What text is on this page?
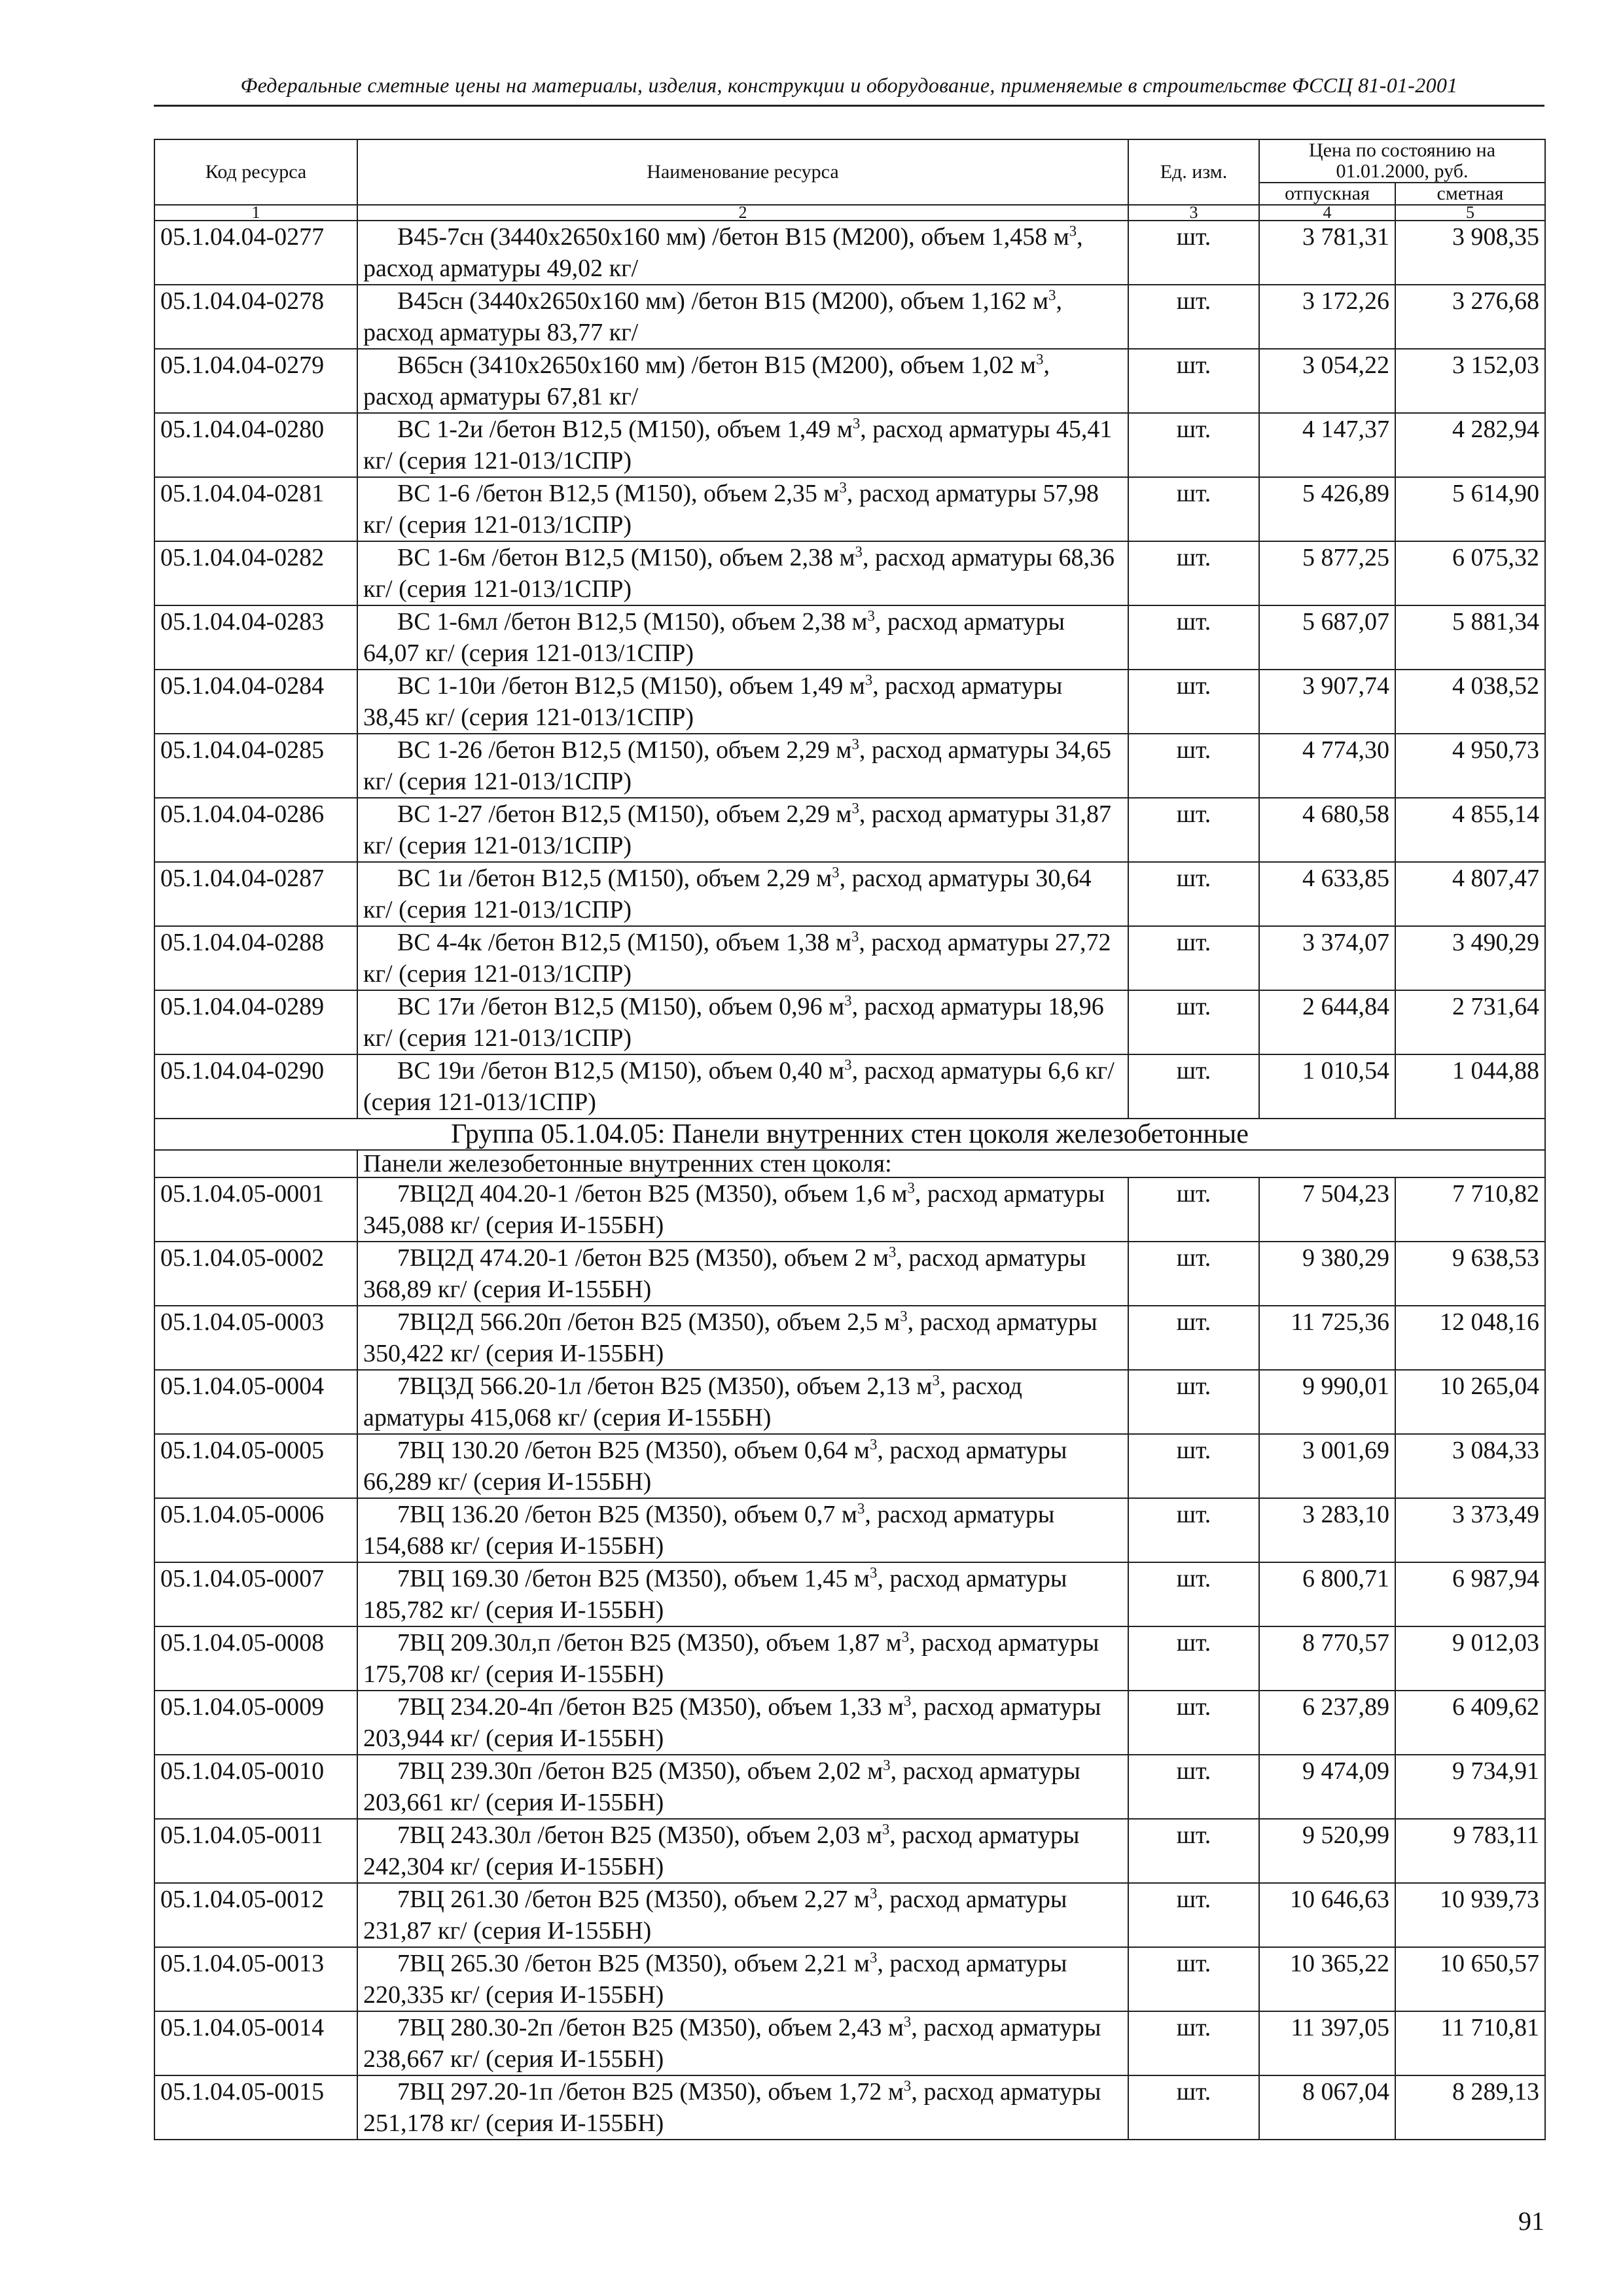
Федеральные сметные цены на материалы, изделия, конструкции и оборудование, применяемые в строительстве ФССЦ 81-01-2001
Код ресурса	Наименование ресурса	Ед. изм.	Цена по состоянию на 01.01.2000, руб.	
			отпускная	сметная
1	2	3	4	5
05.1.04.04-0277	В45-7сн (3440х2650х160 мм) /бетон В15 (М200), объем 1,458 $м^3$, расход арматуры 49,02 кг/	шт.	3 781,31	3 908,35
05.1.04.04-0278	В45сн (3440х2650х160 мм) /бетон В15 (М200), объем 1,162 $м^3$, расход арматуры 83,77 кг/	шт.	3 172,26	3 276,68
05.1.04.04-0279	В65сн (3410х2650х160 мм) /бетон В15 (М200), объем 1,02 $м^3$, расход арматуры 67,81 кг/	шт.	3 054,22	3 152,03
05.1.04.04-0280	ВС 1-2и /бетон В12,5 (М150), объем 1,49 $м^3$, расход арматуры 45,41 кг/ (серия 121-013/1СПР)	шт.	4 147,37	4 282,94
05.1.04.04-0281	ВС 1-6 /бетон В12,5 (М150), объем 2,35 $м^3$, расход арматуры 57,98 кг/ (серия 121-013/1СПР)	шт.	5 426,89	5 614,90
05.1.04.04-0282	ВС 1-6м /бетон В12,5 (М150), объем 2,38 $м^3$, расход арматуры 68,36 кг/ (серия 121-013/1СПР)	шт.	5 877,25	6 075,32
05.1.04.04-0283	ВС 1-6мл /бетон В12,5 (М150), объем 2,38 $м^3$, расход арматуры 64,07 кг/ (серия 121-013/1СПР)	шт.	5 687,07	5 881,34
05.1.04.04-0284	ВС 1-10и /бетон В12,5 (М150), объем 1,49 $м^3$, расход арматуры 38,45 кг/ (серия 121-013/1СПР)	шт.	3 907,74	4 038,52
05.1.04.04-0285	ВС 1-26 /бетон В12,5 (М150), объем 2,29 $м^3$, расход арматуры 34,65 кг/ (серия 121-013/1СПР)	шт.	4 774,30	4 950,73
05.1.04.04-0286	ВС 1-27 /бетон В12,5 (М150), объем 2,29 $м^3$, расход арматуры 31,87 кг/ (серия 121-013/1СПР)	шт.	4 680,58	4 855,14
05.1.04.04-0287	ВС 1и /бетон В12,5 (М150), объем 2,29 $м^3$, расход арматуры 30,64 кг/ (серия 121-013/1СПР)	шт.	4 633,85	4 807,47
05.1.04.04-0288	ВС 4-4к /бетон В12,5 (М150), объем 1,38 $м^3$, расход арматуры 27,72 кг/ (серия 121-013/1СПР)	шт.	3 374,07	3 490,29
05.1.04.04-0289	ВС 17и /бетон В12,5 (М150), объем 0,96 $м^3$, расход арматуры 18,96 кг/ (серия 121-013/1СПР)	шт.	2 644,84	2 731,64
05.1.04.04-0290	ВС 19и /бетон В12,5 (М150), объем 0,40 $м^3$, расход арматуры 6,6 кг/ (серия 121-013/1СПР)	шт.	1 010,54	1 044,88
Группа 05.1.04.05: Панели внутренних стен цоколя железобетонные				
	Панели железобетонные внутренних стен цоколя:			
05.1.04.05-0001	7ВЦ2Д 404.20-1 /бетон В25 (М350), объем 1,6 $м^3$, расход арматуры 345,088 кг/ (серия И-155БН)	шт.	7 504,23	7 710,82
05.1.04.05-0002	7ВЦ2Д 474.20-1 /бетон В25 (М350), объем 2 $м^3$, расход арматуры 368,89 кг/ (серия И-155БН)	шт.	9 380,29	9 638,53
05.1.04.05-0003	7ВЦ2Д 566.20п /бетон В25 (М350), объем 2,5 $м^3$, расход арматуры 350,422 кг/ (серия И-155БН)	шт.	11 725,36	12 048,16
05.1.04.05-0004	7ВЦ3Д 566.20-1л /бетон В25 (М350), объем 2,13 $м^3$, расход арматуры 415,068 кг/ (серия И-155БН)	шт.	9 990,01	10 265,04
05.1.04.05-0005	7ВЦ 130.20 /бетон В25 (М350), объем 0,64 $м^3$, расход арматуры 66,289 кг/ (серия И-155БН)	шт.	3 001,69	3 084,33
05.1.04.05-0006	7ВЦ 136.20 /бетон В25 (М350), объем 0,7 $м^3$, расход арматуры 154,688 кг/ (серия И-155БН)	шт.	3 283,10	3 373,49
05.1.04.05-0007	7ВЦ 169.30 /бетон В25 (М350), объем 1,45 $м^3$, расход арматуры 185,782 кг/ (серия И-155БН)	шт.	6 800,71	6 987,94
05.1.04.05-0008	7ВЦ 209.30л,п /бетон В25 (М350), объем 1,87 $м^3$, расход арматуры 175,708 кг/ (серия И-155БН)	шт.	8 770,57	9 012,03
05.1.04.05-0009	7ВЦ 234.20-4п /бетон В25 (М350), объем 1,33 $м^3$, расход арматуры 203,944 кг/ (серия И-155БН)	шт.	6 237,89	6 409,62
05.1.04.05-0010	7ВЦ 239.30п /бетон В25 (М350), объем 2,02 $м^3$, расход арматуры 203,661 кг/ (серия И-155БН)	шт.	9 474,09	9 734,91
05.1.04.05-0011	7ВЦ 243.30л /бетон В25 (М350), объем 2,03 $м^3$, расход арматуры 242,304 кг/ (серия И-155БН)	шт.	9 520,99	9 783,11
05.1.04.05-0012	7ВЦ 261.30 /бетон В25 (М350), объем 2,27 $м^3$, расход арматуры 231,87 кг/ (серия И-155БН)	шт.	10 646,63	10 939,73
05.1.04.05-0013	7ВЦ 265.30 /бетон В25 (М350), объем 2,21 $м^3$, расход арматуры 220,335 кг/ (серия И-155БН)	шт.	10 365,22	10 650,57
05.1.04.05-0014	7ВЦ 280.30-2п /бетон В25 (М350), объем 2,43 $м^3$, расход арматуры 238,667 кг/ (серия И-155БН)	шт.	11 397,05	11 710,81
05.1.04.05-0015	7ВЦ 297.20-1п /бетон В25 (М350), объем 1,72 $м^3$, расход арматуры 251,178 кг/ (серия И-155БН)	шт.	8 067,04	8 289,13
91
